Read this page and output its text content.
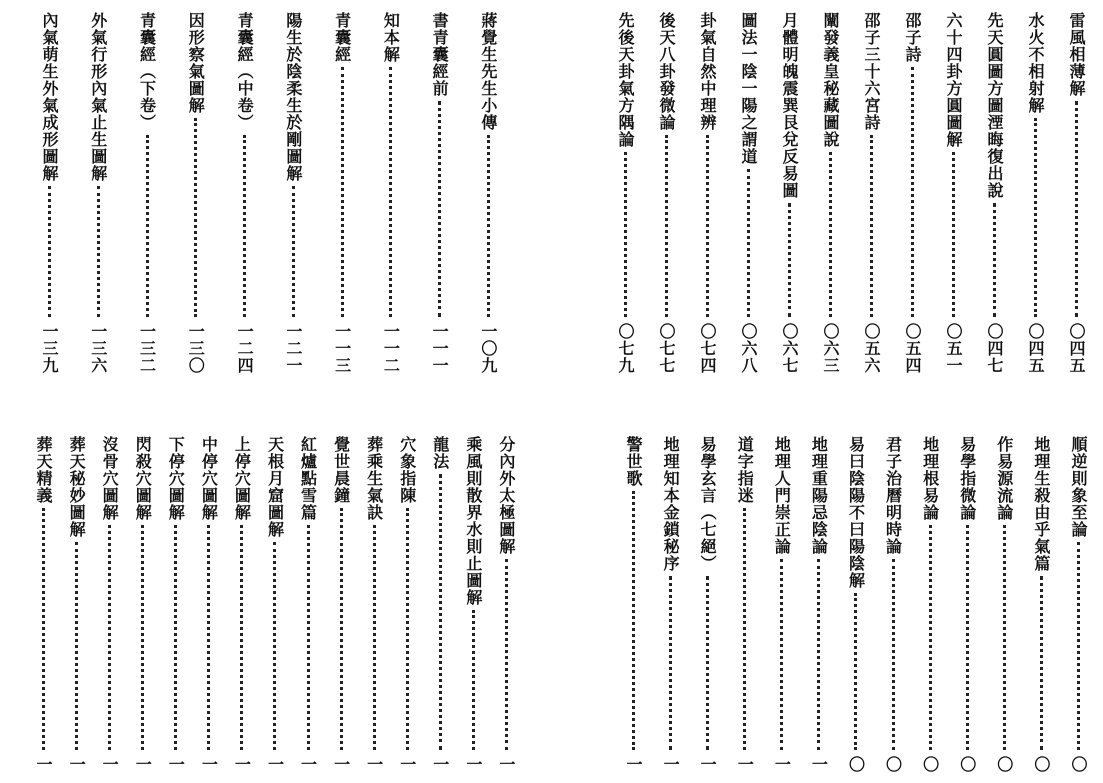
雷風相薄解
〇四五
水火不相射解
〇四五
先天圓圖方圖湮晦復出說
〇四七
六十四卦方圓圖解
〇五一
邵子詩
〇五四
邵子三十六宮詩
〇五六
闡發義皇秘藏圖說
〇六三
月體明魄震巽艮兌反易圖
〇六七
圖法一陰一陽之謂道
〇六八
卦氣自然中理辨
〇七四
後天八卦發微論
〇七七
先後天卦氣方隅論
〇七九
蔣覺生先生小傳
一〇九
書青囊經前
一一一
知本解
一一二
青囊經
一一三
陽生於陰柔生於剛圖解
一二一
青囊經（中卷）
一二四
因形察氣圖解
一三〇
青囊經（下卷）
一三二
外氣行形內氣止生圖解
一三六
內氣萌生外氣成形圖解
一三九
順逆則象至論
〇
地理生殺由乎氣篇
〇
作易源流論
〇
易學指微論
〇
地理根易論
〇
君子治曆明時論
〇
易曰陰陽不曰陽陰解
〇
地理重陽忌陰論
一
地理人門崇正論
一
道字指迷
一
易學玄言（七絕）
一
地理知本金鎖秘序
一
警世歌
一
分內外太極圖解
一
乘風則散界水則止圖解
一
龍法
一
穴象指陳
一
葬乘生氣訣
一
覺世晨鐘
一
紅爐點雪篇
一
天根月窟圖解
一
上停穴圖解
一
中停穴圖解
一
下停穴圖解
一
閃殺穴圖解
一
沒骨穴圖解
一
葬天秘妙圖解
一
葬天精義
一
